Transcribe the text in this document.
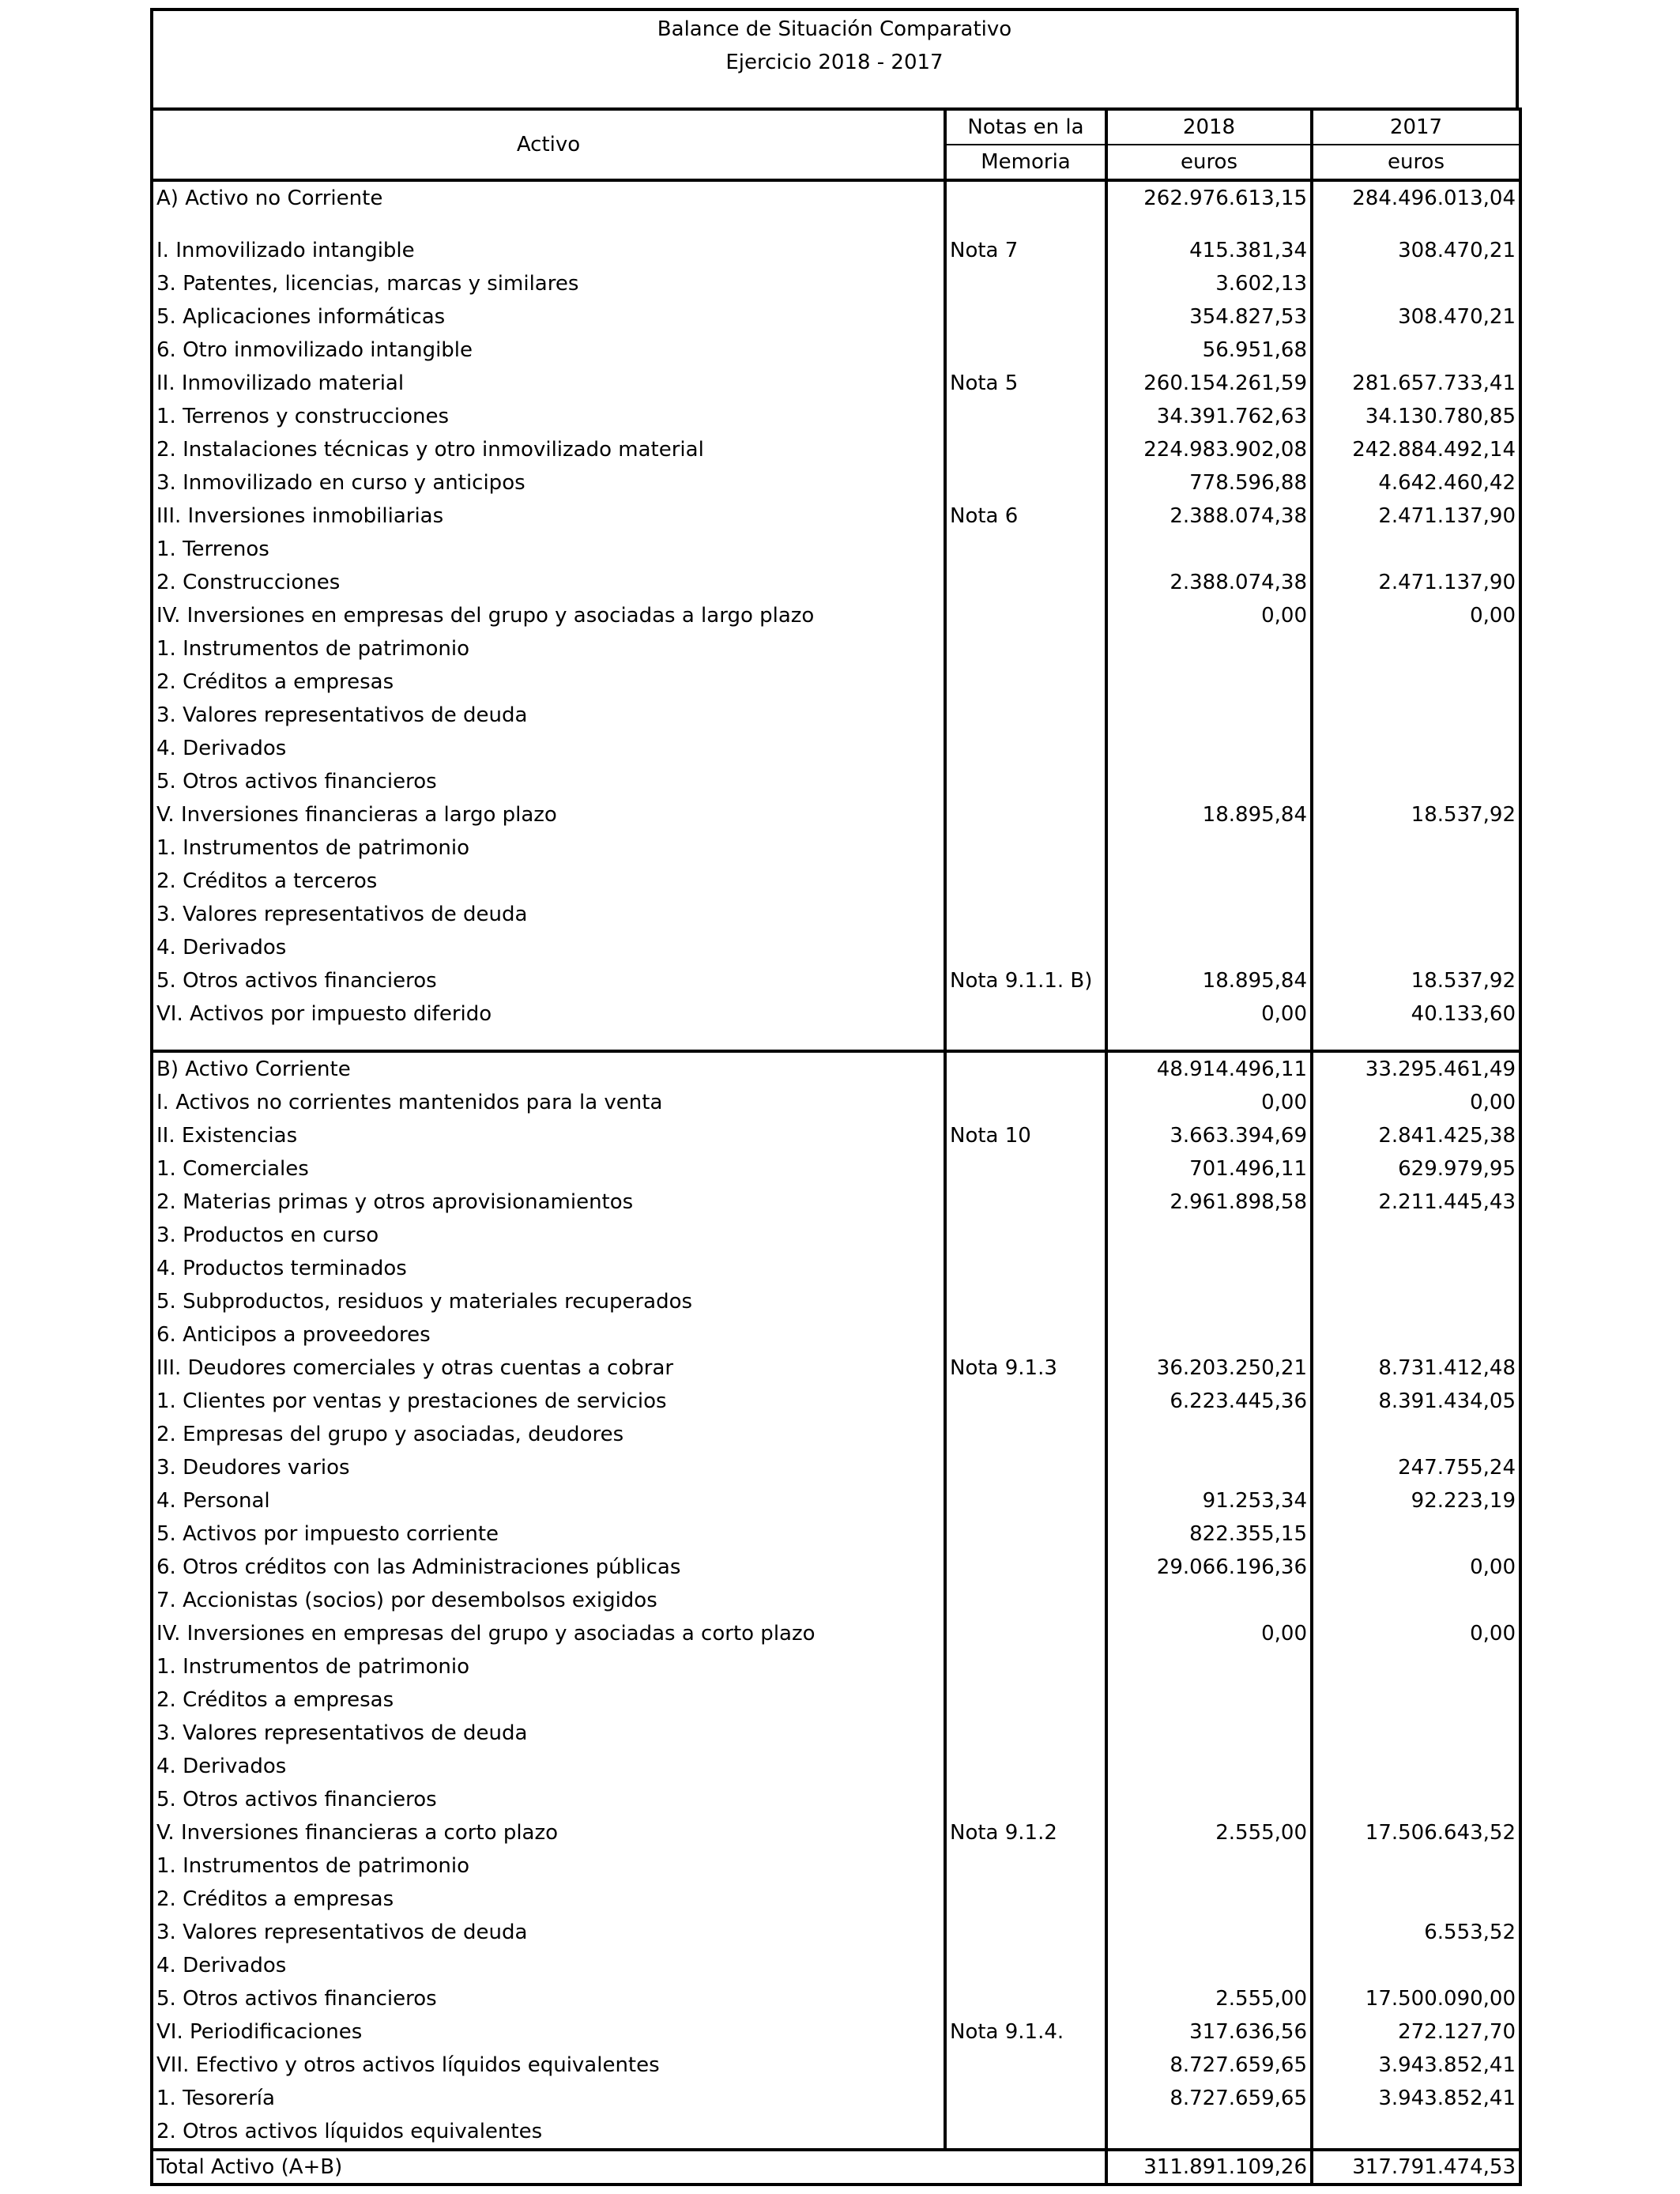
Balance de Situación Comparativo
Ejercicio 2018 - 2017
Activo	Notas en la	2018	2017
	Memoria	euros	euros
A) Activo no Corriente		262.976.613,15	284.496.013,04

I. Inmovilizado intangible	Nota 7	415.381,34	308.470,21
3. Patentes, licencias, marcas y similares		3.602,13	
5. Aplicaciones informáticas		354.827,53	308.470,21
6. Otro inmovilizado intangible		56.951,68	
II. Inmovilizado material	Nota 5	260.154.261,59	281.657.733,41
1. Terrenos y construcciones		34.391.762,63	34.130.780,85
2. Instalaciones técnicas y otro inmovilizado material		224.983.902,08	242.884.492,14
3. Inmovilizado en curso y anticipos		778.596,88	4.642.460,42
III. Inversiones inmobiliarias	Nota 6	2.388.074,38	2.471.137,90
1. Terrenos			
2. Construcciones		2.388.074,38	2.471.137,90
IV. Inversiones en empresas del grupo y asociadas a largo plazo		0,00	0,00
1. Instrumentos de patrimonio			
2. Créditos a empresas			
3. Valores representativos de deuda			
4. Derivados			
5. Otros activos financieros			
V. Inversiones financieras a largo plazo		18.895,84	18.537,92
1. Instrumentos de patrimonio			
2. Créditos a terceros			
3. Valores representativos de deuda			
4. Derivados			
5. Otros activos financieros	Nota 9.1.1. B)	18.895,84	18.537,92
VI. Activos por impuesto diferido		0,00	40.133,60

B) Activo Corriente		48.914.496,11	33.295.461,49
I. Activos no corrientes mantenidos para la venta		0,00	0,00
II. Existencias	Nota 10	3.663.394,69	2.841.425,38
1. Comerciales		701.496,11	629.979,95
2. Materias primas y otros aprovisionamientos		2.961.898,58	2.211.445,43
3. Productos en curso			
4. Productos terminados			
5. Subproductos, residuos y materiales recuperados			
6. Anticipos a proveedores			
III. Deudores comerciales y otras cuentas a cobrar	Nota 9.1.3	36.203.250,21	8.731.412,48
1. Clientes por ventas y prestaciones de servicios		6.223.445,36	8.391.434,05
2. Empresas del grupo y asociadas, deudores			
3. Deudores varios			247.755,24
4. Personal		91.253,34	92.223,19
5. Activos por impuesto corriente		822.355,15	
6. Otros créditos con las Administraciones públicas		29.066.196,36	0,00
7. Accionistas (socios) por desembolsos exigidos			
IV. Inversiones en empresas del grupo y asociadas a corto plazo		0,00	0,00
1. Instrumentos de patrimonio			
2. Créditos a empresas			
3. Valores representativos de deuda			
4. Derivados			
5. Otros activos financieros			
V. Inversiones financieras a corto plazo	Nota 9.1.2	2.555,00	17.506.643,52
1. Instrumentos de patrimonio			
2. Créditos a empresas			
3. Valores representativos de deuda			6.553,52
4. Derivados			
5. Otros activos financieros		2.555,00	17.500.090,00
VI. Periodificaciones	Nota 9.1.4.	317.636,56	272.127,70
VII. Efectivo y otros activos líquidos equivalentes		8.727.659,65	3.943.852,41
1. Tesorería		8.727.659,65	3.943.852,41
2. Otros activos líquidos equivalentes			
Total Activo (A+B)		311.891.109,26	317.791.474,53
